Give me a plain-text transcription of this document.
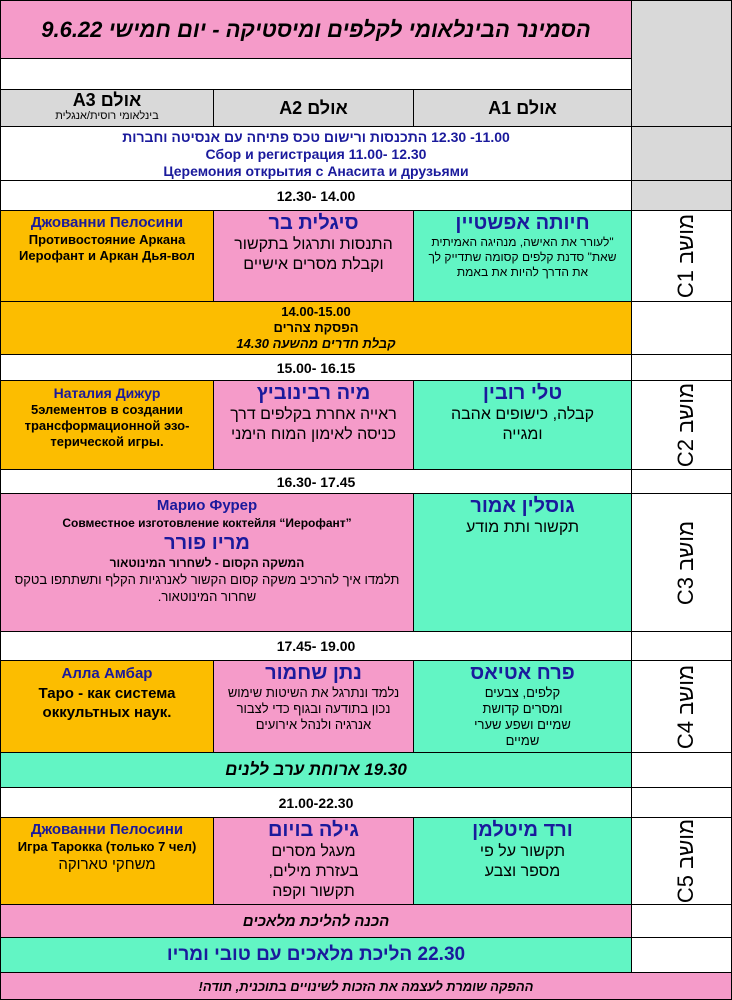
הסמינר הבינלאומי לקלפים ומיסטיקה - יום חמישי 9.6.22
אולם A1
אולם A2
אולם A3
בינלאומי רוסית/אנגלית
11.00- 12.30 התכנסות ורישום טכס פתיחה עם אנסיטה וחברות
Сбор и регистрация 11.00- 12.30
Церемония открытия с Анасита и друзьями
12.30- 14.00
חיותה אפשטיין
"לעורר את האישה, מנהיגה האמיתית שאת" סדנת קלפים קסומה שתדייק לך את הדרך להיות את באמת
סיגלית בר
התנסות ותרגול בתקשור וקבלת מסרים אישיים
Джованни Пелосини
Противостояние Аркана Иерофант и Аркан Дья-вол
מושב C1
14.00-15.00
הפסקת צהרים
קבלת חדרים מהשעה 14.30
15.00- 16.15
טלי רובין
קבלה, כישופים אהבה ומגייה
מיה רבינוביץ
ראייה אחרת בקלפים דרך כניסה לאימון המוח הימני
Наталия Дижур
5элементов в создании трансформационной эзо-терической игры.	מושב C2
16.30- 17.45
גוסלין אמור
תקשור ותת מודע
Марио Фурер
Совместное изготовление коктейля “Иерофант”
מריו פורר
המשקה הקסום - לשחרור המינוטאור
תלמדו איך להרכיב משקה קסום הקשור לאנרגיות הקלף ותשתתפו בטקס שחרור המינוטאור.	מושב C3
17.45- 19.00
פרח אטיאס
קלפים, צבעים ומסרים קדושת שמיים ושפע שערי שמיים
נתן שחמור
נלמד ונתרגל את השיטות שימוש נכון בתודעה ובגוף כדי לצבור אנרגיה ולנהל אירועים
Алла Амбар
Таро - как система оккультных наук.
מושב C4
19.30 ארוחת ערב ללנים
21.00-22.30
ורד מיטלמן
תקשור על פי מספר וצבע
גילה בויום
מעגל מסרים בעזרת מילים, תקשור וקפה
Джованни Пелосини
Игра Тарокка (только 7 чел)
משחקי טארוקה
מושב C5
הכנה להליכת מלאכים
22.30 הליכת מלאכים עם טובי ומריו
ההפקה שומרת לעצמה את הזכות לשינויים בתוכנית, תודה!
